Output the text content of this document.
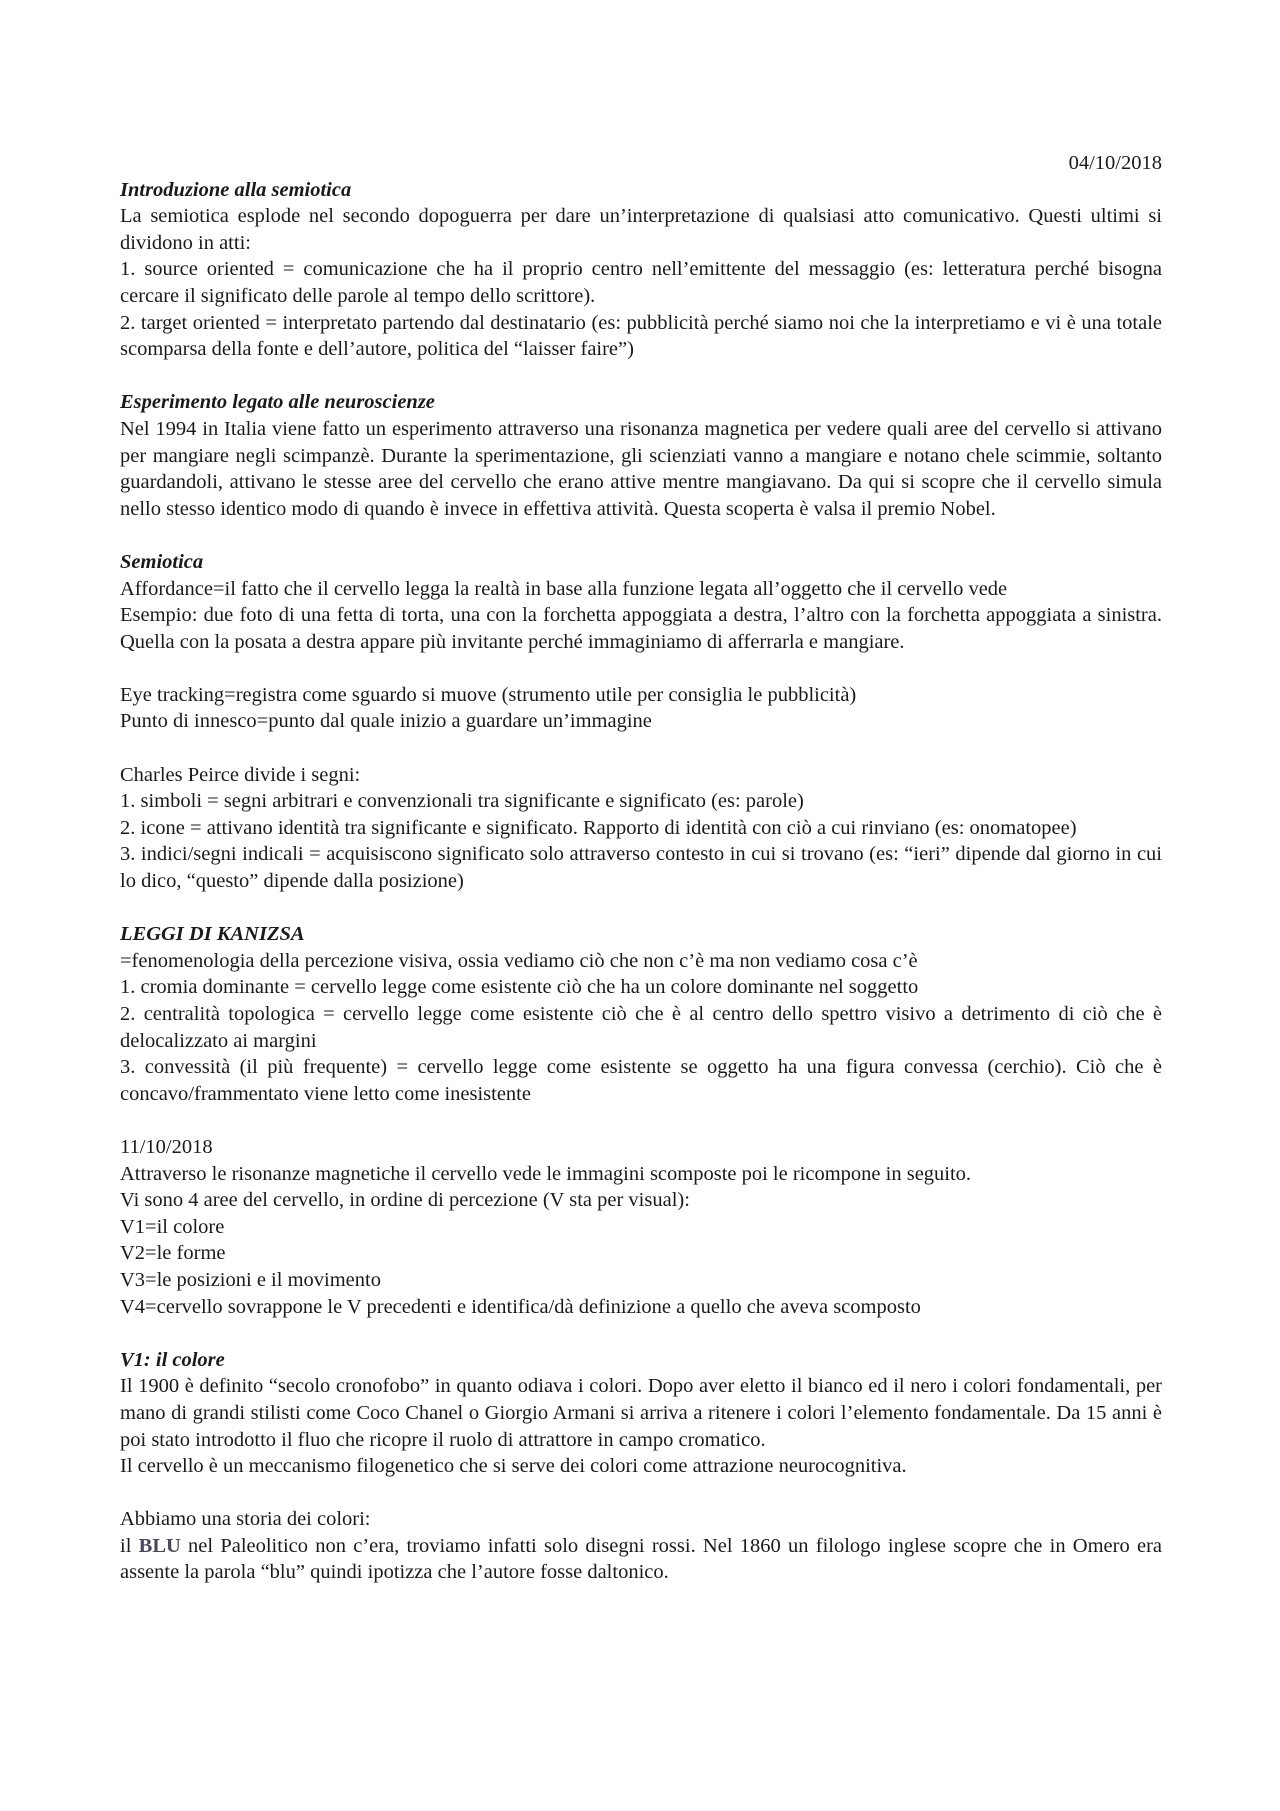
04/10/2018

Introduzione alla semiotica

La semiotica esplode nel secondo dopoguerra per dare un’interpretazione di qualsiasi atto comunicativo. Questi ultimi si dividono in atti:

1. source oriented = comunicazione che ha il proprio centro nell’emittente del messaggio (es: letteratura perché bisogna cercare il significato delle parole al tempo dello scrittore).

2. target oriented = interpretato partendo dal destinatario (es: pubblicità perché siamo noi che la interpretiamo e vi è una totale scomparsa della fonte e dell’autore, politica del “laisser faire”)

Esperimento legato alle neuroscienze

Nel 1994 in Italia viene fatto un esperimento attraverso una risonanza magnetica per vedere quali aree del cervello si attivano per mangiare negli scimpanzè. Durante la sperimentazione, gli scienziati vanno a mangiare e notano chele scimmie, soltanto guardandoli, attivano le stesse aree del cervello che erano attive mentre mangiavano. Da qui si scopre che il cervello simula nello stesso identico modo di quando è invece in effettiva attività. Questa scoperta è valsa il premio Nobel.

Semiotica

Affordance=il fatto che il cervello legga la realtà in base alla funzione legata all’oggetto che il cervello vede

Esempio: due foto di una fetta di torta, una con la forchetta appoggiata a destra, l’altro con la forchetta appoggiata a sinistra. Quella con la posata a destra appare più invitante perché immaginiamo di afferrarla e mangiare.

Eye tracking=registra come sguardo si muove (strumento utile per consiglia le pubblicità)

Punto di innesco=punto dal quale inizio a guardare un’immagine

Charles Peirce divide i segni:

1. simboli = segni arbitrari e convenzionali tra significante e significato (es: parole)

2. icone = attivano identità tra significante e significato. Rapporto di identità con ciò a cui rinviano (es: onomatopee)

3. indici/segni indicali = acquisiscono significato solo attraverso contesto in cui si trovano (es: “ieri” dipende dal giorno in cui lo dico, “questo” dipende dalla posizione)

LEGGI DI KANIZSA

=fenomenologia della percezione visiva, ossia vediamo ciò che non c’è ma non vediamo cosa c’è

1. cromia dominante = cervello legge come esistente ciò che ha un colore dominante nel soggetto

2. centralità topologica = cervello legge come esistente ciò che è al centro dello spettro visivo a detrimento di ciò che è delocalizzato ai margini

3. convessità (il più frequente) = cervello legge come esistente se oggetto ha una figura convessa (cerchio). Ciò che è concavo/frammentato viene letto come inesistente

11/10/2018

Attraverso le risonanze magnetiche il cervello vede le immagini scomposte poi le ricompone in seguito.

Vi sono 4 aree del cervello, in ordine di percezione (V sta per visual):

V1=il colore

V2=le forme

V3=le posizioni e il movimento

V4=cervello sovrappone le V precedenti e identifica/dà definizione a quello che aveva scomposto

V1: il colore

Il 1900 è definito “secolo cronofobo” in quanto odiava i colori. Dopo aver eletto il bianco ed il nero i colori fondamentali, per mano di grandi stilisti come Coco Chanel o Giorgio Armani si arriva a ritenere i colori l’elemento fondamentale. Da 15 anni è poi stato introdotto il fluo che ricopre il ruolo di attrattore in campo cromatico.

Il cervello è un meccanismo filogenetico che si serve dei colori come attrazione neurocognitiva.

Abbiamo una storia dei colori:

il BLU nel Paleolitico non c’era, troviamo infatti solo disegni rossi. Nel 1860 un filologo inglese scopre che in Omero era assente la parola “blu” quindi ipotizza che l’autore fosse daltonico.
